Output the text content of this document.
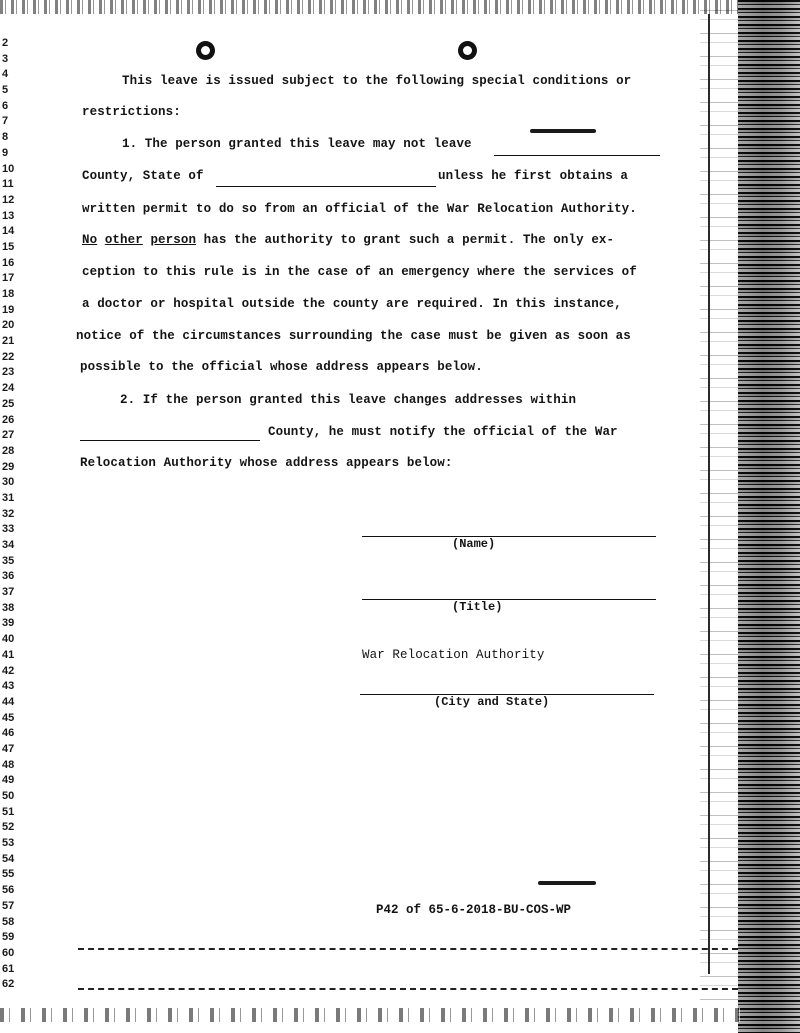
2
3
4
5
6
7
8
9
10
11
12
13
14
15
16
17
18
19
20
21
22
23
24
25
26
27
28
29
30
31
32
33
34
35
36
37
38
39
40
41
42
43
44
45
46
47
48
49
50
51
52
53
54
55
56
57
58
59
60
61
62
This leave is issued subject to the following special conditions or
restrictions:
1. The person granted this leave may not leave
County, State of	unless he first obtains a
written permit to do so from an official of the War Relocation Authority.
No other person has the authority to grant such a permit. The only ex-
ception to this rule is in the case of an emergency where the services of
a doctor or hospital outside the county are required. In this instance,
notice of the circumstances surrounding the case must be given as soon as
possible to the official whose address appears below.
2. If the person granted this leave changes addresses within
County, he must notify the official of the War
Relocation Authority whose address appears below:
(Name)
(Title)
War Relocation Authority
(City and State)
P42 of 65-6-2018-BU-COS-WP
